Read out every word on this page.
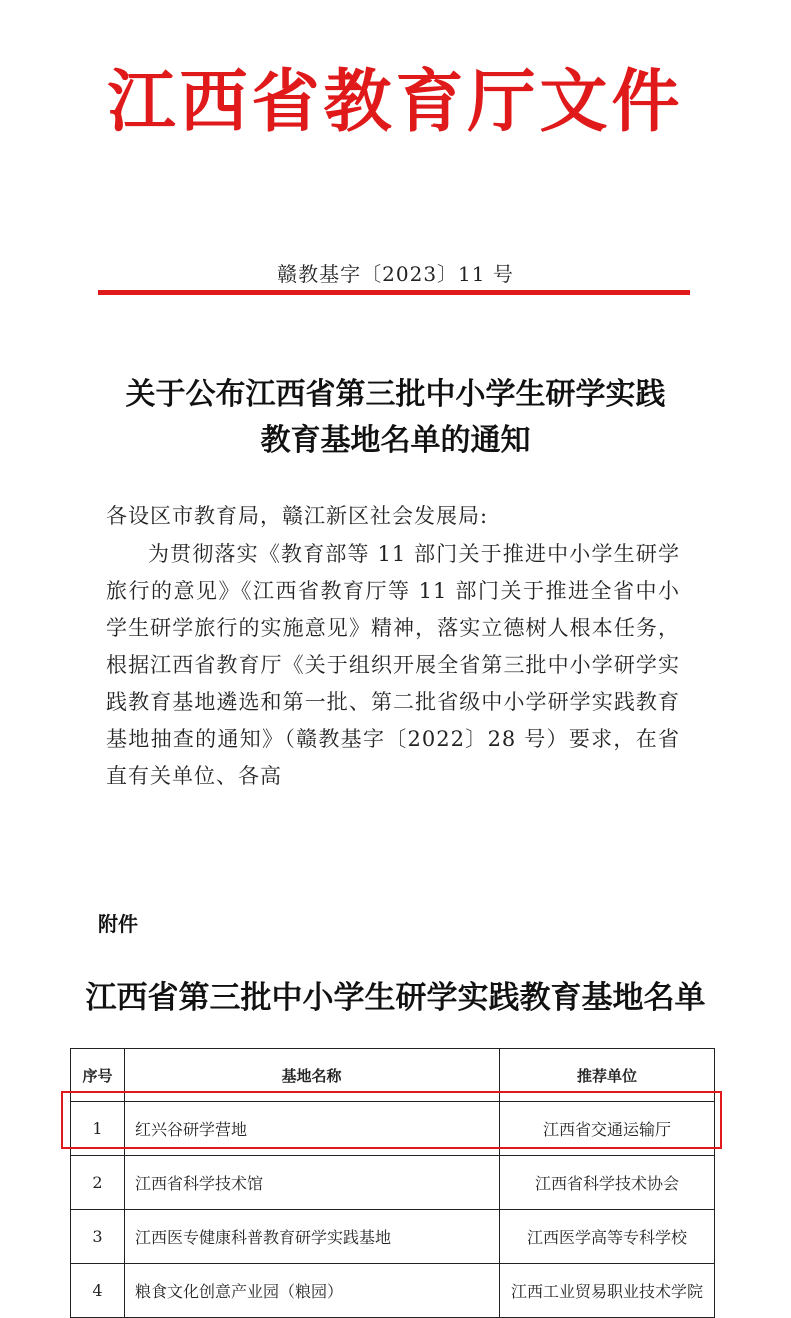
江西省教育厅文件
赣教基字〔2023〕11 号
关于公布江西省第三批中小学生研学实践
教育基地名单的通知
各设区市教育局，赣江新区社会发展局:
为贯彻落实《教育部等 11 部门关于推进中小学生研学旅行的意见》《江西省教育厅等 11 部门关于推进全省中小学生研学旅行的实施意见》精神，落实立德树人根本任务，根据江西省教育厅《关于组织开展全省第三批中小学研学实践教育基地遴选和第一批、第二批省级中小学研学实践教育基地抽查的通知》（赣教基字〔2022〕28 号）要求，在省直有关单位、各高
附件
江西省第三批中小学生研学实践教育基地名单
序号	基地名称	推荐单位
1	红兴谷研学营地	江西省交通运输厅
2	江西省科学技术馆	江西省科学技术协会
3	江西医专健康科普教育研学实践基地	江西医学高等专科学校
4	粮食文化创意产业园（粮园）	江西工业贸易职业技术学院
